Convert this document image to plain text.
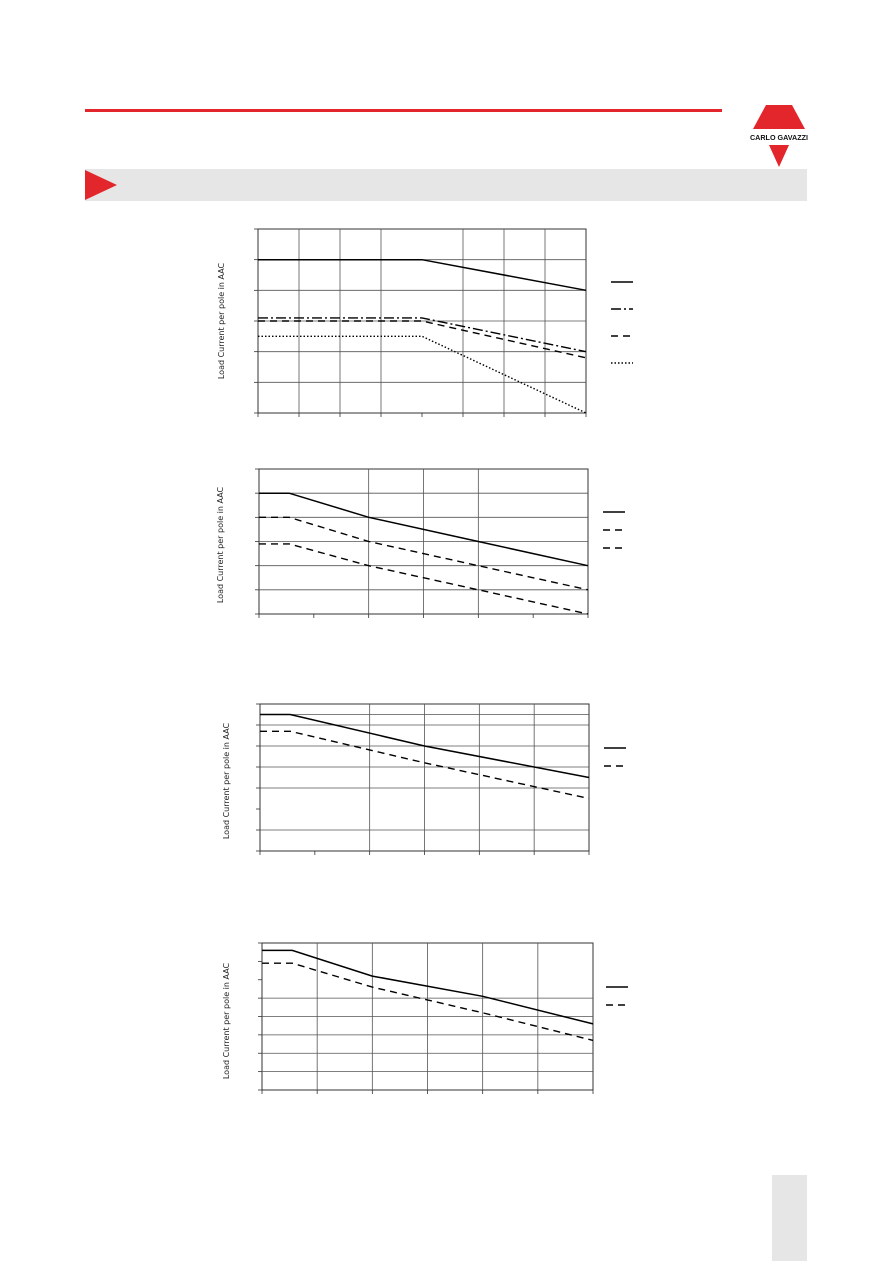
CARLO GAVAZZI
Load Current per pole in AAC
Load Current per pole in AAC
Load Current per pole in AAC
Load Current per pole in AAC
